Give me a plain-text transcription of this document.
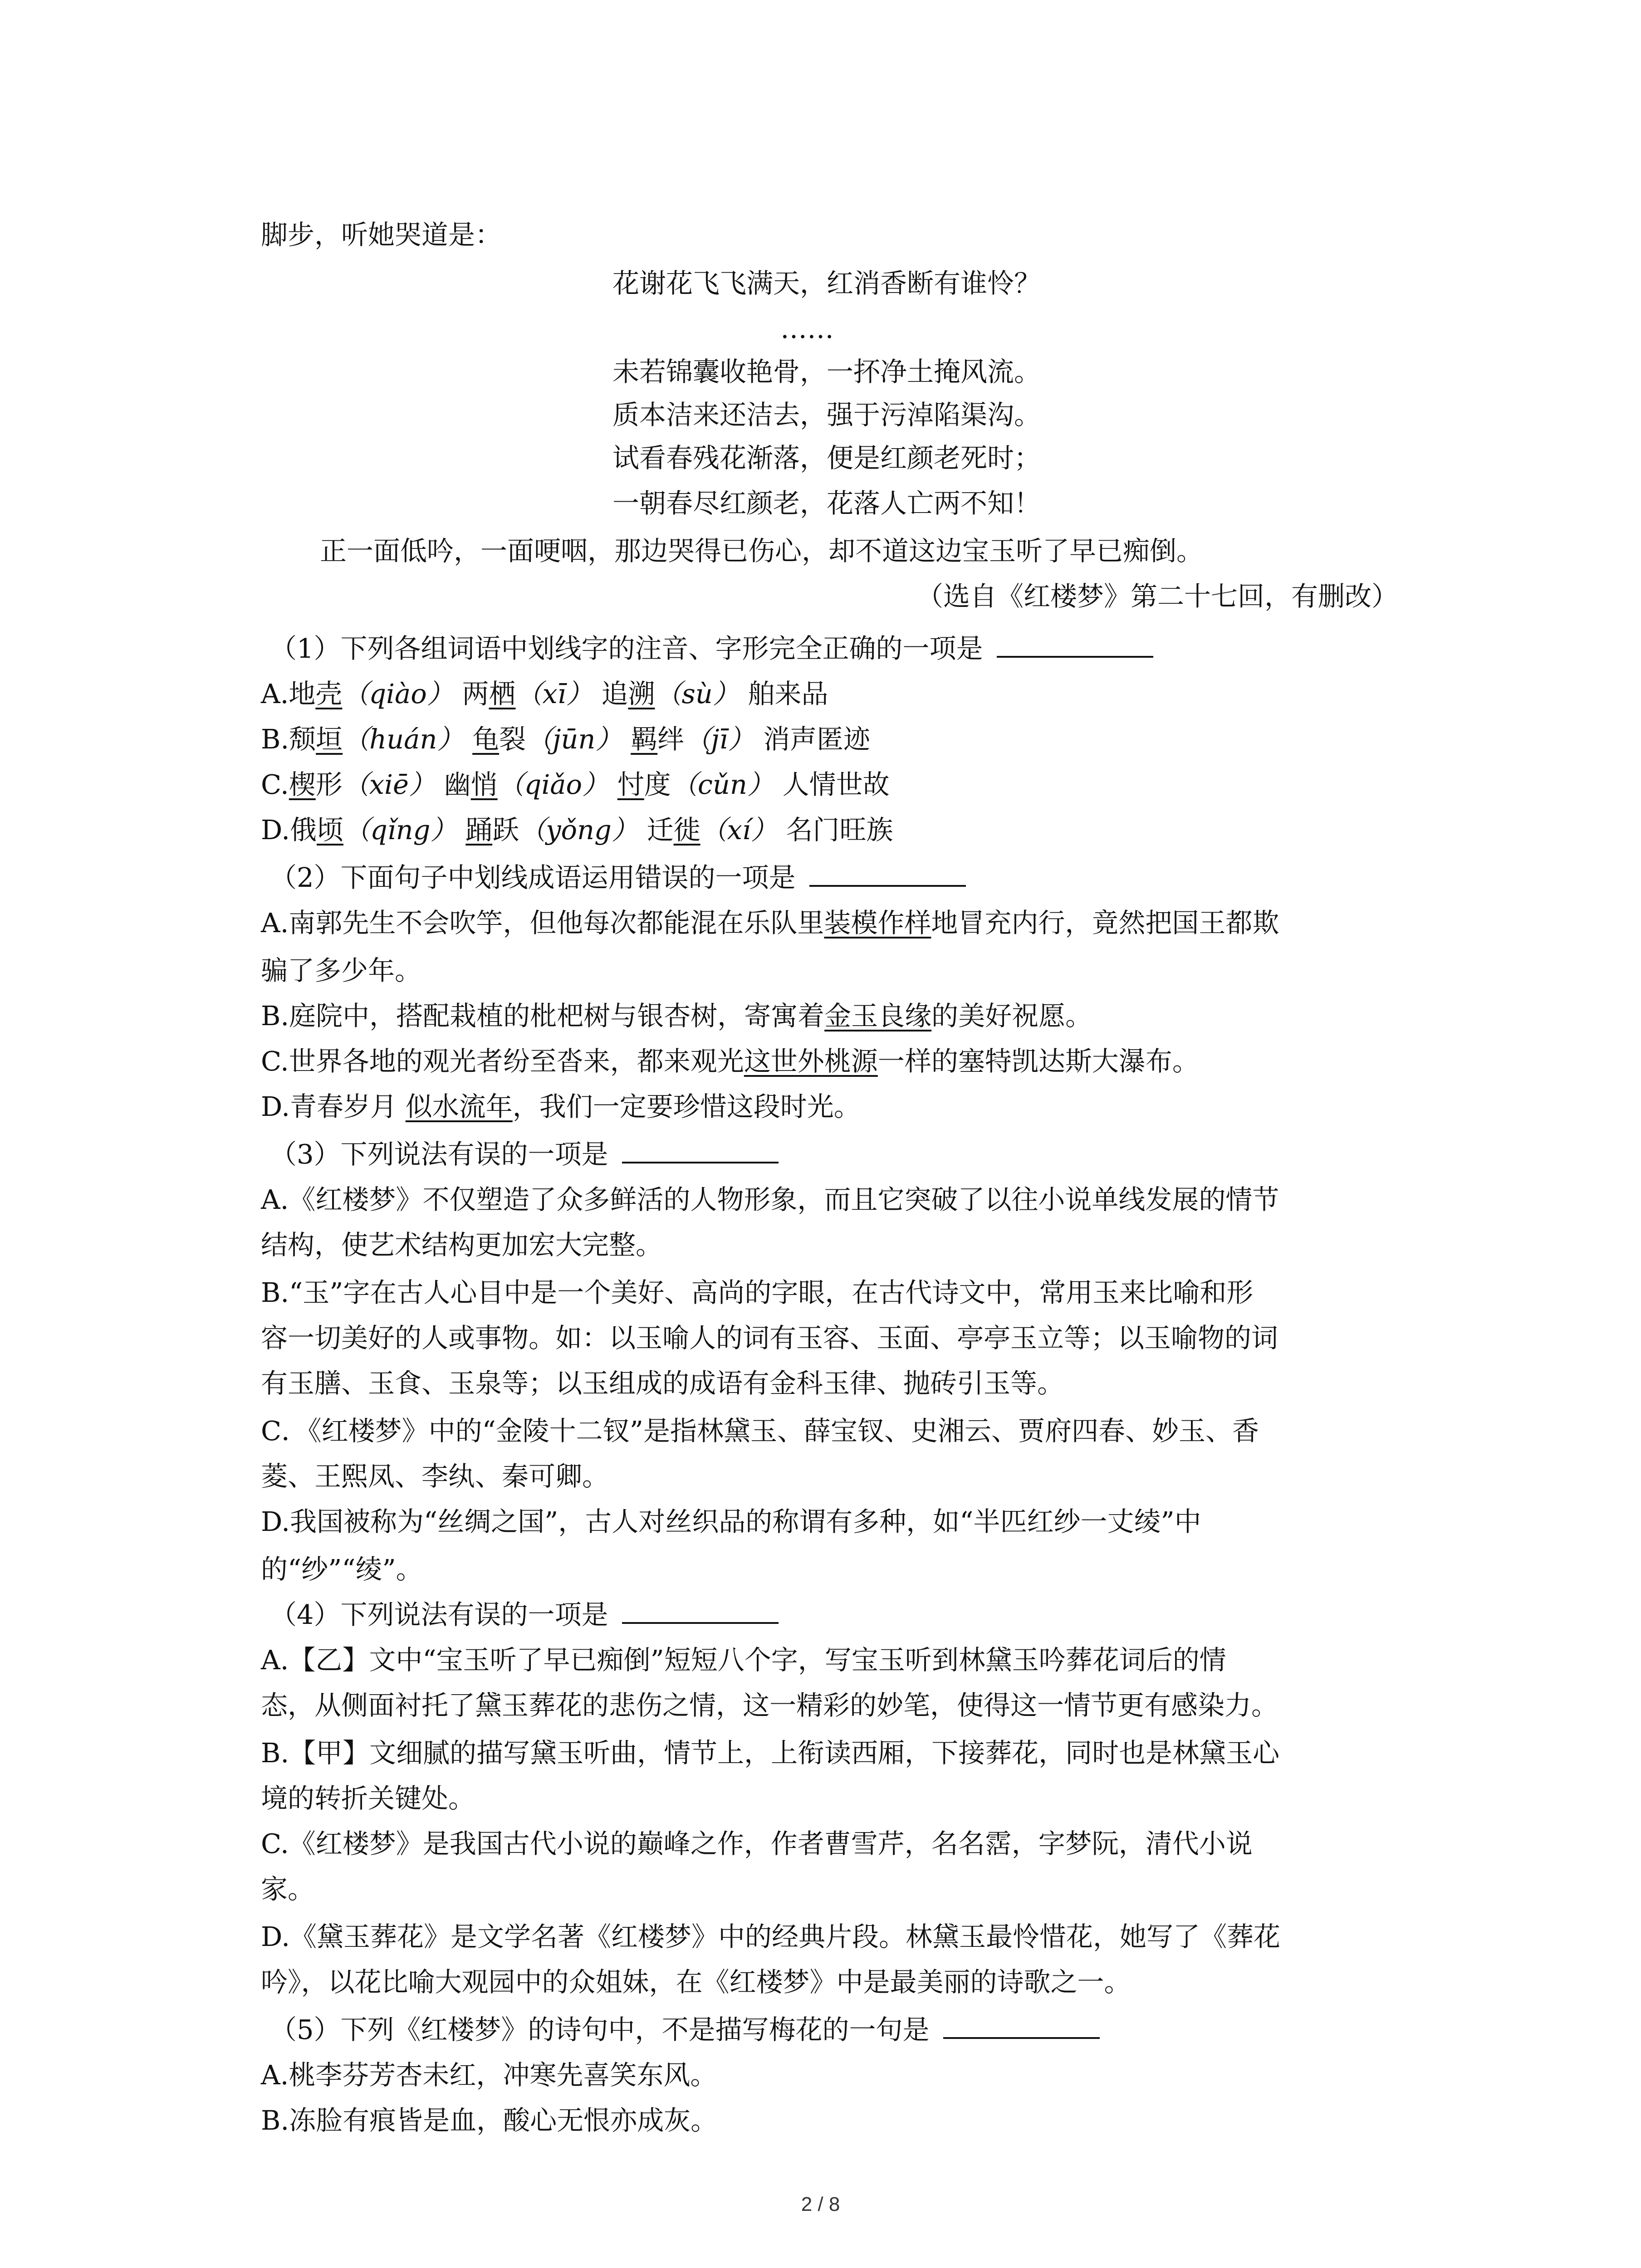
脚步，听她哭道是：
花谢花飞飞满天，红消香断有谁怜？
……
未若锦囊收艳骨，一抔净土掩风流。
质本洁来还洁去，强于污淖陷渠沟。
试看春残花渐落，便是红颜老死时；
一朝春尽红颜老，花落人亡两不知！
正一面低吟，一面哽咽，那边哭得已伤心，却不道这边宝玉听了早已痴倒。
（选自《红楼梦》第二十七回，有删改）
（1）下列各组词语中划线字的注音、字形完全正确的一项是
A.地壳（qiào） 两栖（xī） 追溯（sù） 舶来品
B.颓垣（huán） 龟裂（jūn） 羁绊（jī） 消声匿迹
C.楔形（xiē） 幽悄（qiǎo） 忖度（cǔn） 人情世故
D.俄顷（qǐng） 踊跃（yǒng） 迁徙（xí） 名门旺族
（2）下面句子中划线成语运用错误的一项是
A.南郭先生不会吹竽，但他每次都能混在乐队里装模作样地冒充内行，竟然把国王都欺
骗了多少年。
B.庭院中，搭配栽植的枇杷树与银杏树，寄寓着金玉良缘的美好祝愿。
C.世界各地的观光者纷至沓来，都来观光这世外桃源一样的塞特凯达斯大瀑布。
D.青春岁月 似水流年，我们一定要珍惜这段时光。
（3）下列说法有误的一项是
A.《红楼梦》不仅塑造了众多鲜活的人物形象，而且它突破了以往小说单线发展的情节
结构，使艺术结构更加宏大完整。
B.“玉”字在古人心目中是一个美好、高尚的字眼，在古代诗文中，常用玉来比喻和形
容一切美好的人或事物。如：以玉喻人的词有玉容、玉面、亭亭玉立等；以玉喻物的词
有玉膳、玉食、玉泉等；以玉组成的成语有金科玉律、抛砖引玉等。
C．《红楼梦》中的“金陵十二钗”是指林黛玉、薛宝钗、史湘云、贾府四春、妙玉、香
菱、王熙凤、李纨、秦可卿。
D.我国被称为“丝绸之国”，古人对丝织品的称谓有多种，如“半匹红纱一丈绫”中
的“纱”“绫”。
（4）下列说法有误的一项是
A.【乙】文中“宝玉听了早已痴倒”短短八个字，写宝玉听到林黛玉吟葬花词后的情
态，从侧面衬托了黛玉葬花的悲伤之情，这一精彩的妙笔，使得这一情节更有感染力。
B.【甲】文细腻的描写黛玉听曲，情节上，上衔读西厢，下接葬花，同时也是林黛玉心
境的转折关键处。
C.《红楼梦》是我国古代小说的巅峰之作，作者曹雪芹，名名霑，字梦阮，清代小说
家。
D.《黛玉葬花》是文学名著《红楼梦》中的经典片段。林黛玉最怜惜花，她写了《葬花
吟》，以花比喻大观园中的众姐妹，在《红楼梦》中是最美丽的诗歌之一。
（5）下列《红楼梦》的诗句中，不是描写梅花的一句是
A.桃李芬芳杏未红，冲寒先喜笑东风。
B.冻脸有痕皆是血，酸心无恨亦成灰。
2 / 8
